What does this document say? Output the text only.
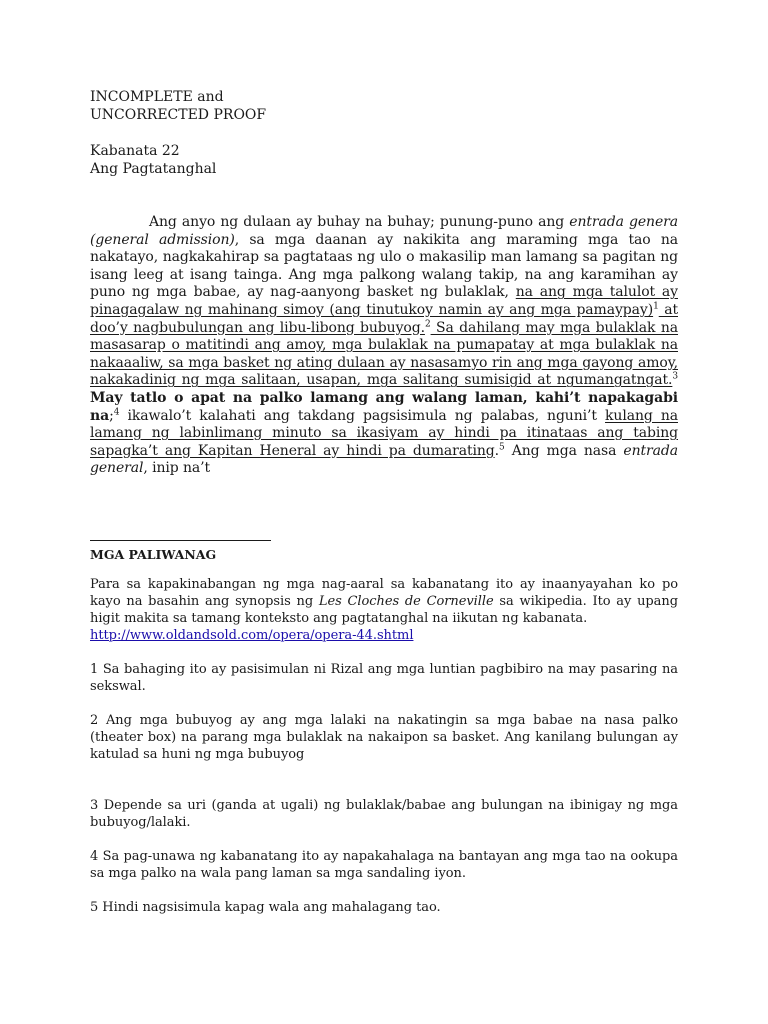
INCOMPLETE and
UNCORRECTED PROOF
Kabanata 22
Ang Pagtatanghal

Ang anyo ng dulaan ay buhay na buhay; punung-puno ang entrada genera (general admission), sa mga daanan ay nakikita ang maraming mga tao na nakatayo, nagkakahirap sa pagtataas ng ulo o makasilip man lamang sa pagitan ng isang leeg at isang tainga. Ang mga palkong walang takip, na ang karamihan ay puno ng mga babae, ay nag-aanyong basket ng bulaklak, na ang mga talulot ay pinagagalaw ng mahinang simoy (ang tinutukoy namin ay ang mga pamaypay)$^1$ at doo’y nagbubulungan ang libu-libong bubuyog.$^2$ Sa dahilang may mga bulaklak na masasarap o matitindi ang amoy, mga bulaklak na pumapatay at mga bulaklak na nakaaaliw, sa mga basket ng ating dulaan ay nasasamyo rin ang mga gayong amoy, nakakadinig ng mga salitaan, usapan, mga salitang sumisigid at ngumangatngat.$^3$ May tatlo o apat na palko lamang ang walang laman, kahi’t napakagabi na;$^4$ ikawalo’t kalahati ang takdang pagsisimula ng palabas, nguni’t kulang na lamang ng labinlimang minuto sa ikasiyam ay hindi pa itinataas ang tabing sapagka’t ang Kapitan Heneral ay hindi pa dumarating.$^5$ Ang mga nasa entrada general, inip na’t

MGA PALIWANAG

Para sa kapakinabangan ng mga nag-aaral sa kabanatang ito ay inaanyayahan ko po kayo na basahin ang synopsis ng Les Cloches de Corneville sa wikipedia. Ito ay upang higit makita sa tamang konteksto ang pagtatanghal na iikutan ng kabanata.
http://www.oldandsold.com/opera/opera-44.shtml

1 Sa bahaging ito ay pasisimulan ni Rizal ang mga luntian pagbibiro na may pasaring na sekswal.

2 Ang mga bubuyog ay ang mga lalaki na nakatingin sa mga babae na nasa palko (theater box) na parang mga bulaklak na nakaipon sa basket. Ang kanilang bulungan ay katulad sa huni ng mga bubuyog

3 Depende sa uri (ganda at ugali) ng bulaklak/babae ang bulungan na ibinigay ng mga bubuyog/lalaki.

4 Sa pag-unawa ng kabanatang ito ay napakahalaga na bantayan ang mga tao na ookupa sa mga palko na wala pang laman sa mga sandaling iyon.

5 Hindi nagsisimula kapag wala ang mahalagang tao.
